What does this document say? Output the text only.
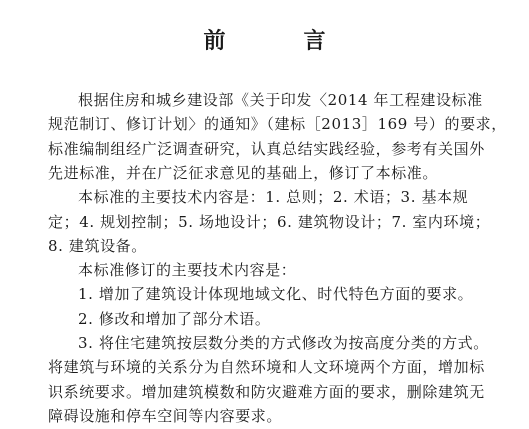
前　言
根据住房和城乡建设部《关于印发〈2014 年工程建设标准
规范制订、修订计划〉的通知》（建标［2013］169 号）的要求，
标准编制组经广泛调查研究，认真总结实践经验，参考有关国外
先进标准，并在广泛征求意见的基础上，修订了本标准。
本标准的主要技术内容是：1. 总则；2. 术语；3. 基本规
定；4. 规划控制；5. 场地设计；6. 建筑物设计；7. 室内环境；
8. 建筑设备。
本标准修订的主要技术内容是：
1. 增加了建筑设计体现地域文化、时代特色方面的要求。
2. 修改和增加了部分术语。
3. 将住宅建筑按层数分类的方式修改为按高度分类的方式。
将建筑与环境的关系分为自然环境和人文环境两个方面，增加标
识系统要求。增加建筑模数和防灾避难方面的要求，删除建筑无
障碍设施和停车空间等内容要求。
